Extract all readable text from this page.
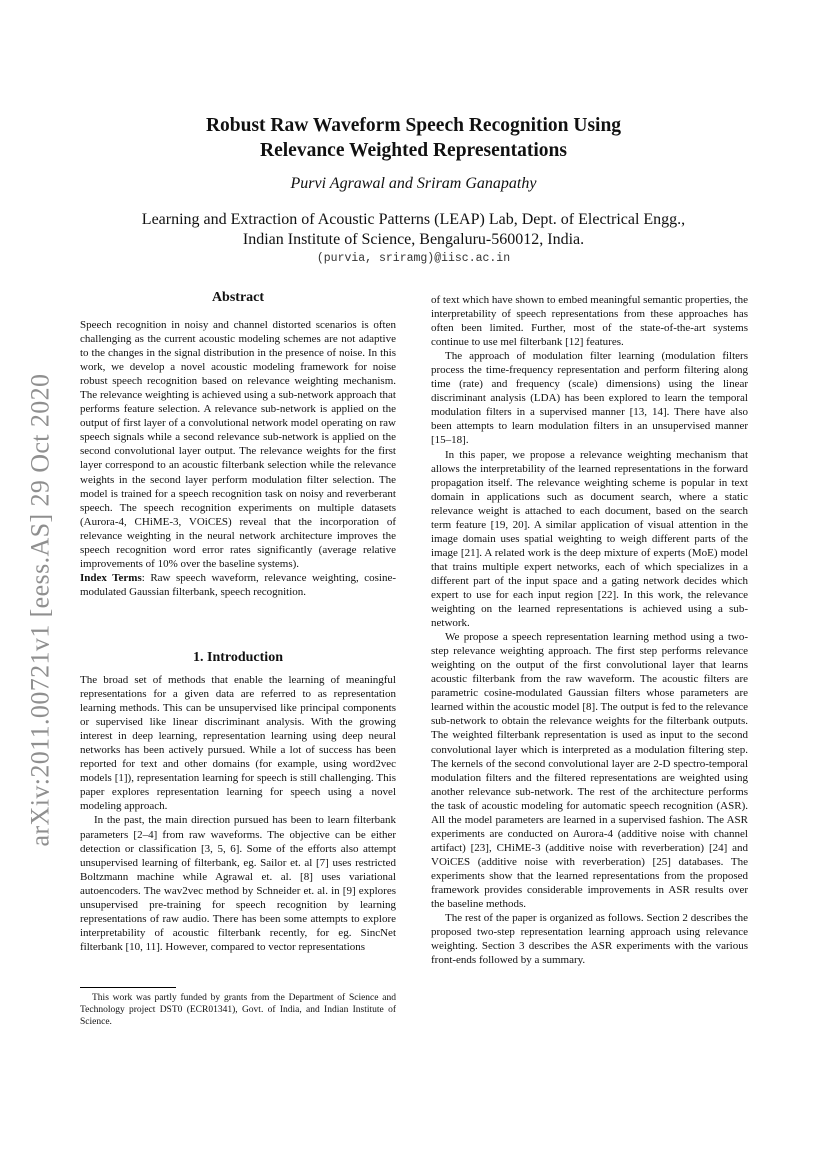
arXiv:2011.00721v1 [eess.AS] 29 Oct 2020
Robust Raw Waveform Speech Recognition Using
Relevance Weighted Representations
Purvi Agrawal and Sriram Ganapathy
Learning and Extraction of Acoustic Patterns (LEAP) Lab, Dept. of Electrical Engg.,
Indian Institute of Science, Bengaluru-560012, India.
(purvia, sriramg)@iisc.ac.in
Abstract

Speech recognition in noisy and channel distorted scenarios is often challenging as the current acoustic modeling schemes are not adaptive to the changes in the signal distribution in the presence of noise. In this work, we develop a novel acoustic modeling framework for noise robust speech recognition based on relevance weighting mechanism. The relevance weighting is achieved using a sub-network approach that performs feature selection. A relevance sub-network is applied on the output of first layer of a convolutional network model operating on raw speech signals while a second relevance sub-network is applied on the second convolutional layer output. The relevance weights for the first layer correspond to an acoustic filterbank selection while the relevance weights in the second layer perform modulation filter selection. The model is trained for a speech recognition task on noisy and reverberant speech. The speech recognition experiments on multiple datasets (Aurora-4, CHiME-3, VOiCES) reveal that the incorporation of relevance weighting in the neural network architecture improves the speech recognition word error rates significantly (average relative improvements of 10% over the baseline systems).

Index Terms: Raw speech waveform, relevance weighting, cosine-modulated Gaussian filterbank, speech recognition.

1. Introduction

The broad set of methods that enable the learning of meaningful representations for a given data are referred to as representation learning methods. This can be unsupervised like principal components or supervised like linear discriminant analysis. With the growing interest in deep learning, representation learning using deep neural networks has been actively pursued. While a lot of success has been reported for text and other domains (for example, using word2vec models [1]), representation learning for speech is still challenging. This paper explores representation learning for speech using a novel modeling approach.

In the past, the main direction pursued has been to learn filterbank parameters [2–4] from raw waveforms. The objective can be either detection or classification [3, 5, 6]. Some of the efforts also attempt unsupervised learning of filterbank, eg. Sailor et. al [7] uses restricted Boltzmann machine while Agrawal et. al. [8] uses variational autoencoders. The wav2vec method by Schneider et. al. in [9] explores unsupervised pre-training for speech recognition by learning representations of raw audio. There has been some attempts to explore interpretability of acoustic filterbank recently, for eg. SincNet filterbank [10, 11]. However, compared to vector representations

This work was partly funded by grants from the Department of Science and Technology project DST0 (ECR01341), Govt. of India, and Indian Institute of Science.

of text which have shown to embed meaningful semantic properties, the interpretability of speech representations from these approaches has often been limited. Further, most of the state-of-the-art systems continue to use mel filterbank [12] features.

The approach of modulation filter learning (modulation filters process the time-frequency representation and perform filtering along time (rate) and frequency (scale) dimensions) using the linear discriminant analysis (LDA) has been explored to learn the temporal modulation filters in a supervised manner [13, 14]. There have also been attempts to learn modulation filters in an unsupervised manner [15–18].

In this paper, we propose a relevance weighting mechanism that allows the interpretability of the learned representations in the forward propagation itself. The relevance weighting scheme is popular in text domain in applications such as document search, where a static relevance weight is attached to each document, based on the search term feature [19, 20]. A similar application of visual attention in the image domain uses spatial weighting to weigh different parts of the image [21]. A related work is the deep mixture of experts (MoE) model that trains multiple expert networks, each of which specializes in a different part of the input space and a gating network decides which expert to use for each input region [22]. In this work, the relevance weighting on the learned representations is achieved using a sub-network.

We propose a speech representation learning method using a two-step relevance weighting approach. The first step performs relevance weighting on the output of the first convolutional layer that learns acoustic filterbank from the raw waveform. The acoustic filters are parametric cosine-modulated Gaussian filters whose parameters are learned within the acoustic model [8]. The output is fed to the relevance sub-network to obtain the relevance weights for the filterbank outputs. The weighted filterbank representation is used as input to the second convolutional layer which is interpreted as a modulation filtering step. The kernels of the second convolutional layer are 2-D spectro-temporal modulation filters and the filtered representations are weighted using another relevance sub-network. The rest of the architecture performs the task of acoustic modeling for automatic speech recognition (ASR). All the model parameters are learned in a supervised fashion. The ASR experiments are conducted on Aurora-4 (additive noise with channel artifact) [23], CHiME-3 (additive noise with reverberation) [24] and VOiCES (additive noise with reverberation) [25] databases. The experiments show that the learned representations from the proposed framework provides considerable improvements in ASR results over the baseline methods.

The rest of the paper is organized as follows. Section 2 describes the proposed two-step representation learning approach using relevance weighting. Section 3 describes the ASR experiments with the various front-ends followed by a summary.
